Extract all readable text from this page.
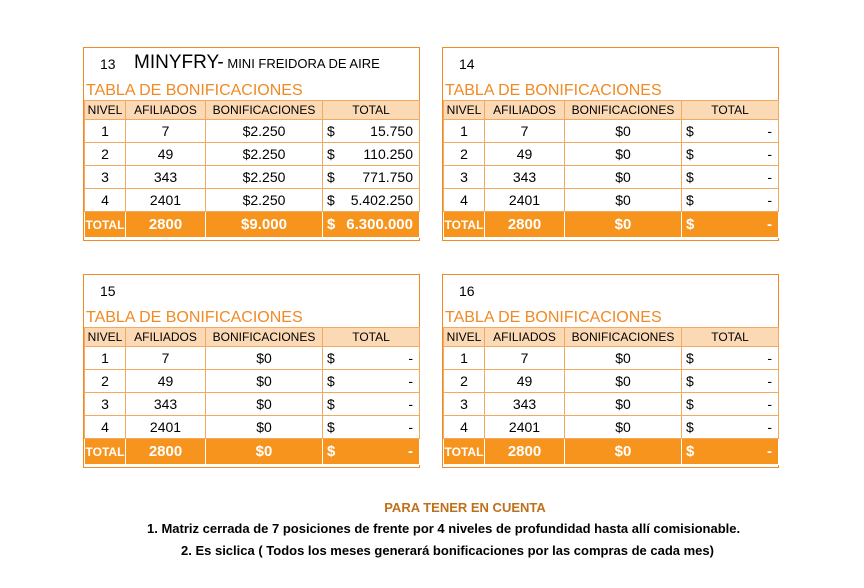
13 MINYFRY- MINI FREIDORA DE AIRE
TABLA DE BONIFICACIONES
NIVEL	AFILIADOS	BONIFICACIONES	TOTAL
1	7	$2.250	$ 15.750

2	49	$2.250	$ 110.250

3	343	$2.250	$ 771.750

4	2401	$2.250	$ 5.402.250

TOTAL	2800	$9.000	$ 6.300.000
14
TABLA DE BONIFICACIONES
NIVEL	AFILIADOS	BONIFICACIONES	TOTAL
1	7	$0	$ -

2	49	$0	$ -

3	343	$0	$ -

4	2401	$0	$ -

TOTAL	2800	$0	$ -
15
TABLA DE BONIFICACIONES
NIVEL	AFILIADOS	BONIFICACIONES	TOTAL
1	7	$0	$ -

2	49	$0	$ -

3	343	$0	$ -

4	2401	$0	$ -

TOTAL	2800	$0	$ -
16
TABLA DE BONIFICACIONES
NIVEL	AFILIADOS	BONIFICACIONES	TOTAL
1	7	$0	$ -

2	49	$0	$ -

3	343	$0	$ -

4	2401	$0	$ -

TOTAL	2800	$0	$ -
PARA TENER EN CUENTA
1. Matriz cerrada de 7 posiciones de frente por 4 niveles de profundidad hasta allí comisionable.
2. Es siclica ( Todos los meses generará bonificaciones por las compras de cada mes)
